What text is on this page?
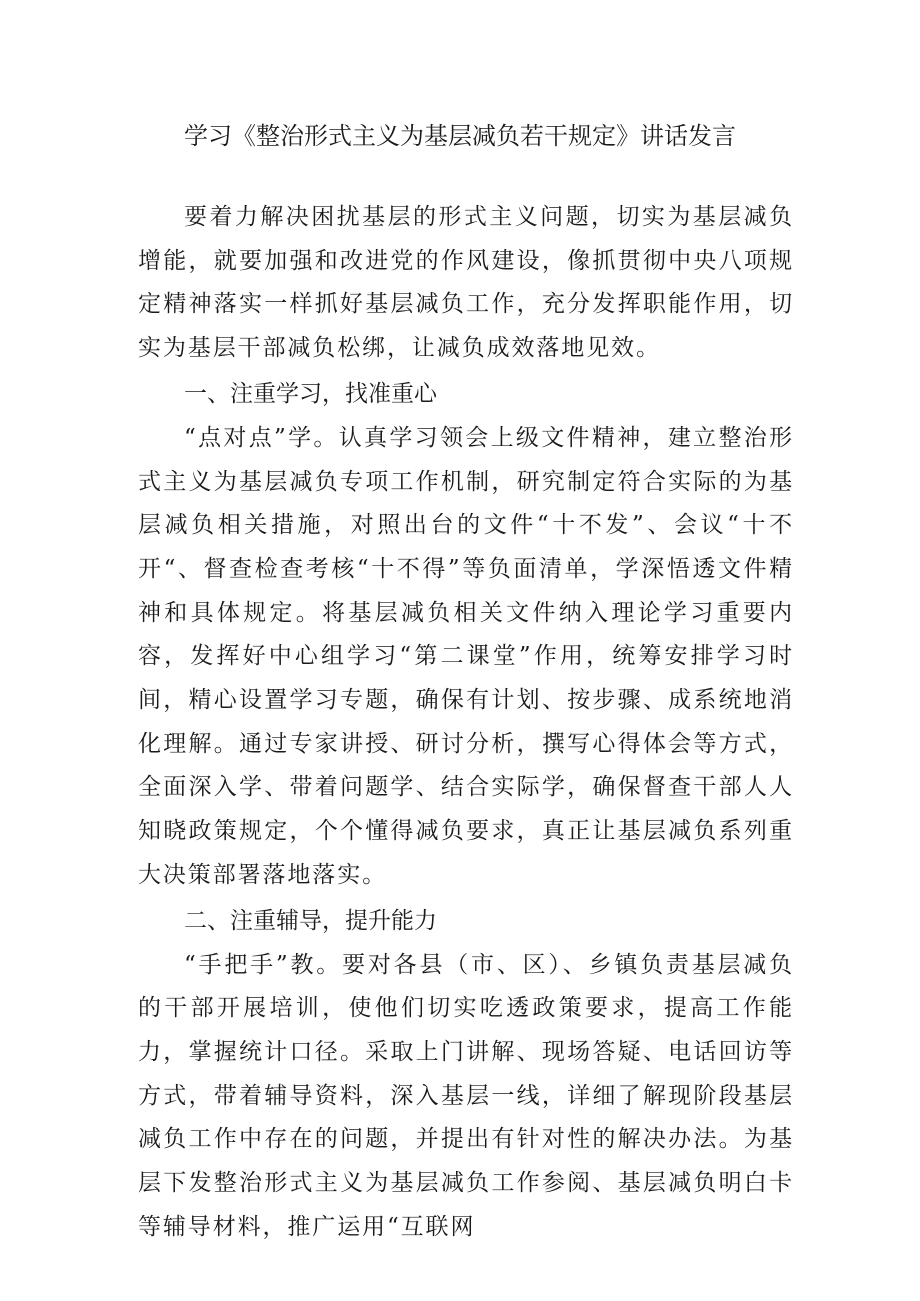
学习《整治形式主义为基层减负若干规定》讲话发言

要着力解决困扰基层的形式主义问题，切实为基层减负增能，就要加强和改进党的作风建设，像抓贯彻中央八项规定精神落实一样抓好基层减负工作，充分发挥职能作用，切实为基层干部减负松绑，让减负成效落地见效。

一、注重学习，找准重心

“点对点”学。认真学习领会上级文件精神，建立整治形式主义为基层减负专项工作机制，研究制定符合实际的为基层减负相关措施，对照出台的文件“十不发”、会议“十不开“、督查检查考核“十不得”等负面清单，学深悟透文件精神和具体规定。将基层减负相关文件纳入理论学习重要内容，发挥好中心组学习“第二课堂”作用，统筹安排学习时间，精心设置学习专题，确保有计划、按步骤、成系统地消化理解。通过专家讲授、研讨分析，撰写心得体会等方式，全面深入学、带着问题学、结合实际学，确保督查干部人人知晓政策规定，个个懂得减负要求，真正让基层减负系列重大决策部署落地落实。

二、注重辅导，提升能力

“手把手”教。要对各县（市、区）、乡镇负责基层减负的干部开展培训，使他们切实吃透政策要求，提高工作能力，掌握统计口径。采取上门讲解、现场答疑、电话回访等方式，带着辅导资料，深入基层一线，详细了解现阶段基层减负工作中存在的问题，并提出有针对性的解决办法。为基层下发整治形式主义为基层减负工作参阅、基层减负明白卡等辅导材料，推广运用“互联网
